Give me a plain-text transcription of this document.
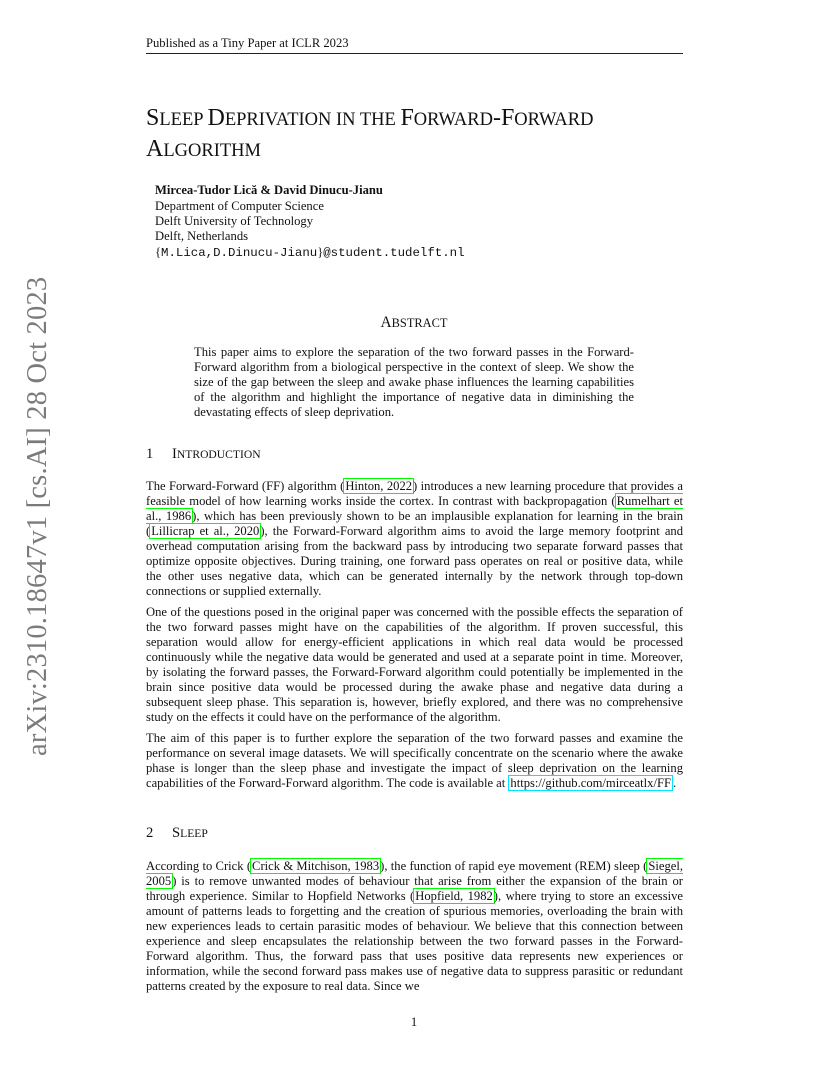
Published as a Tiny Paper at ICLR 2023
arXiv:2310.18647v1 [cs.AI] 28 Oct 2023
SLEEP DEPRIVATION IN THE FORWARD-FORWARD
ALGORITHM
Mircea-Tudor Lică & David Dinucu-Jianu
Department of Computer Science
Delft University of Technology
Delft, Netherlands
{M.Lica,D.Dinucu-Jianu}@student.tudelft.nl
ABSTRACT
This paper aims to explore the separation of the two forward passes in the Forward-Forward algorithm from a biological perspective in the context of sleep. We show the size of the gap between the sleep and awake phase influences the learning capabilities of the algorithm and highlight the importance of negative data in diminishing the devastating effects of sleep deprivation.
1 INTRODUCTION
The Forward-Forward (FF) algorithm (Hinton, 2022) introduces a new learning procedure that provides a feasible model of how learning works inside the cortex. In contrast with backpropagation (Rumelhart et al., 1986), which has been previously shown to be an implausible explanation for learning in the brain (Lillicrap et al., 2020), the Forward-Forward algorithm aims to avoid the large memory footprint and overhead computation arising from the backward pass by introducing two separate forward passes that optimize opposite objectives. During training, one forward pass operates on real or positive data, while the other uses negative data, which can be generated internally by the network through top-down connections or supplied externally.
One of the questions posed in the original paper was concerned with the possible effects the separation of the two forward passes might have on the capabilities of the algorithm. If proven successful, this separation would allow for energy-efficient applications in which real data would be processed continuously while the negative data would be generated and used at a separate point in time. Moreover, by isolating the forward passes, the Forward-Forward algorithm could potentially be implemented in the brain since positive data would be processed during the awake phase and negative data during a subsequent sleep phase. This separation is, however, briefly explored, and there was no comprehensive study on the effects it could have on the performance of the algorithm.
The aim of this paper is to further explore the separation of the two forward passes and examine the performance on several image datasets. We will specifically concentrate on the scenario where the awake phase is longer than the sleep phase and investigate the impact of sleep deprivation on the learning capabilities of the Forward-Forward algorithm. The code is available at https://github.com/mirceatlx/FF .
2 SLEEP
According to Crick (Crick & Mitchison, 1983), the function of rapid eye movement (REM) sleep (Siegel, 2005) is to remove unwanted modes of behaviour that arise from either the expansion of the brain or through experience. Similar to Hopfield Networks (Hopfield, 1982), where trying to store an excessive amount of patterns leads to forgetting and the creation of spurious memories, overloading the brain with new experiences leads to certain parasitic modes of behaviour. We believe that this connection between experience and sleep encapsulates the relationship between the two forward passes in the Forward-Forward algorithm. Thus, the forward pass that uses positive data represents new experiences or information, while the second forward pass makes use of negative data to suppress parasitic or redundant patterns created by the exposure to real data. Since we
1
